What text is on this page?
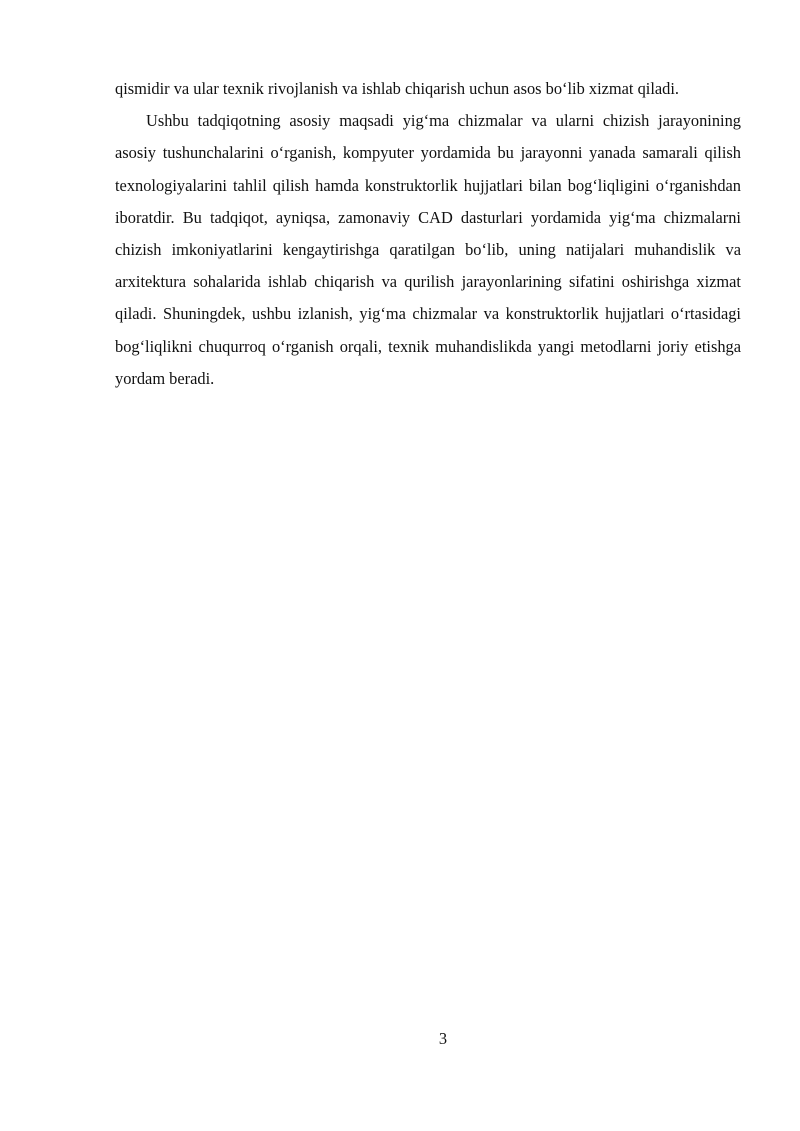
qismidir va ular texnik rivojlanish va ishlab chiqarish uchun asos bo‘lib xizmat qiladi.

Ushbu tadqiqotning asosiy maqsadi yig‘ma chizmalar va ularni chizish jarayonining asosiy tushunchalarini o‘rganish, kompyuter yordamida bu jarayonni yanada samarali qilish texnologiyalarini tahlil qilish hamda konstruktorlik hujjatlari bilan bog‘liqligini o‘rganishdan iboratdir. Bu tadqiqot, ayniqsa, zamonaviy CAD dasturlari yordamida yig‘ma chizmalarni chizish imkoniyatlarini kengaytirishga qaratilgan bo‘lib, uning natijalari muhandislik va arxitektura sohalarida ishlab chiqarish va qurilish jarayonlarining sifatini oshirishga xizmat qiladi. Shuningdek, ushbu izlanish, yig‘ma chizmalar va konstruktorlik hujjatlari o‘rtasidagi bog‘liqlikni chuqurroq o‘rganish orqali, texnik muhandislikda yangi metodlarni joriy etishga yordam beradi.

3
